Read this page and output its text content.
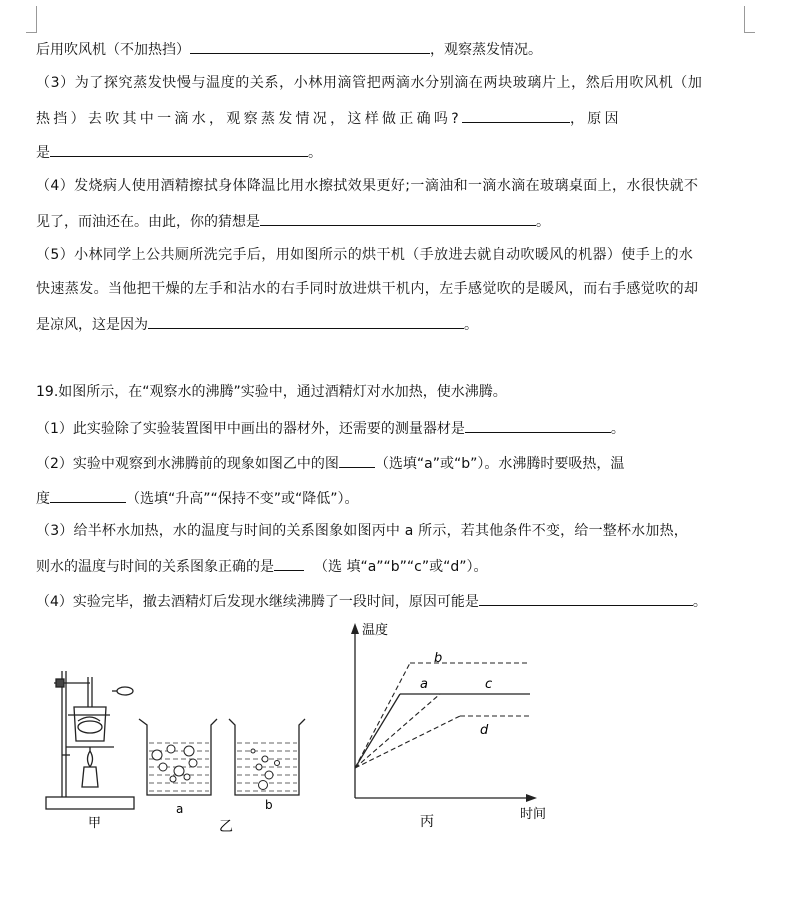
后用吹风机（不加热挡）	，观察蒸发情况。
（3）为了探究蒸发快慢与温度的关系，小林用滴管把两滴水分别滴在两块玻璃片上，然后用吹风机（加
热挡）去吹其中一滴水，观察蒸发情况，这样做正确吗?	，原因
是	。
（4）发烧病人使用酒精擦拭身体降温比用水擦拭效果更好;一滴油和一滴水滴在玻璃桌面上，水很快就不
见了，而油还在。由此，你的猜想是	。
（5）小林同学上公共厕所洗完手后，用如图所示的烘干机（手放进去就自动吹暖风的机器）使手上的水
快速蒸发。当他把干燥的左手和沾水的右手同时放进烘干机内，左手感觉吹的是暖风，而右手感觉吹的却
是凉风，这是因为	。
19.如图所示，在“观察水的沸腾”实验中，通过酒精灯对水加热，使水沸腾。
（1）此实验除了实验装置图甲中画出的器材外，还需要的测量器材是	。
（2）实验中观察到水沸腾前的现象如图乙中的图	（选填“a”或“b”）。水沸腾时要吸热，温
度	（选填“升高”“保持不变”或“降低”）。
（3）给半杯水加热，水的温度与时间的关系图象如图丙中 a 所示，若其他条件不变，给一整杯水加热，
则水的温度与时间的关系图象正确的是	（选 填“a”“b”“c”或“d”）。
（4）实验完毕，撤去酒精灯后发现水继续沸腾了一段时间，原因可能是	。
甲
a	b
乙
温度
时间
b
a	c
d
丙
